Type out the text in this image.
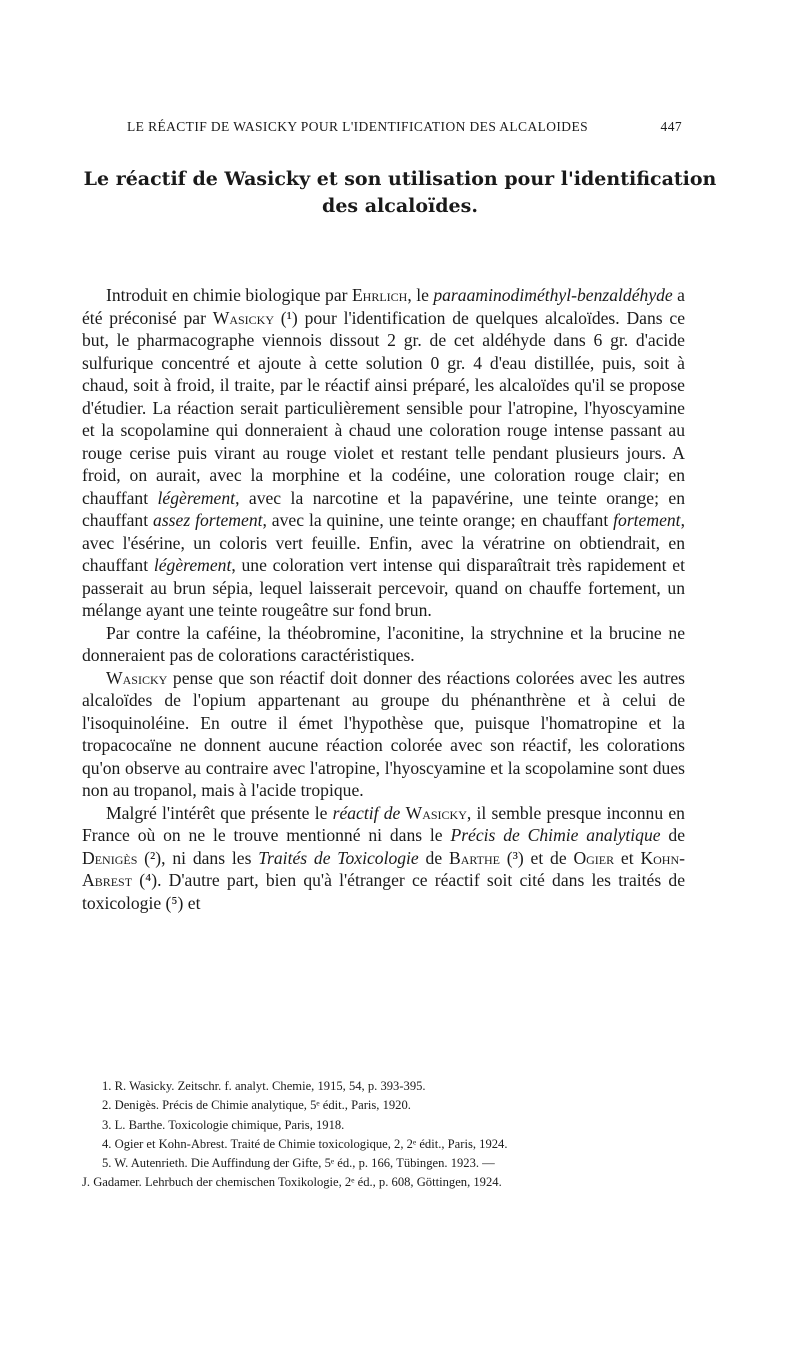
LE RÉACTIF DE WASICKY POUR L'IDENTIFICATION DES ALCALOIDES	447
Le réactif de Wasicky et son utilisation pour l'identification
des alcaloïdes.

Introduit en chimie biologique par Ehrlich, le paraaminodiméthyl-benzaldéhyde a été préconisé par Wasicky (¹) pour l'identification de quelques alcaloïdes. Dans ce but, le pharmacographe viennois dissout 2 gr. de cet aldéhyde dans 6 gr. d'acide sulfurique concentré et ajoute à cette solution 0 gr. 4 d'eau distillée, puis, soit à chaud, soit à froid, il traite, par le réactif ainsi préparé, les alcaloïdes qu'il se propose d'étudier. La réaction serait particulièrement sensible pour l'atropine, l'hyoscyamine et la scopolamine qui donneraient à chaud une coloration rouge intense passant au rouge cerise puis virant au rouge violet et restant telle pendant plusieurs jours. A froid, on aurait, avec la morphine et la codéine, une coloration rouge clair; en chauffant légèrement, avec la narcotine et la papavérine, une teinte orange; en chauffant assez fortement, avec la quinine, une teinte orange; en chauffant fortement, avec l'ésérine, un coloris vert feuille. Enfin, avec la vératrine on obtiendrait, en chauffant légèrement, une coloration vert intense qui disparaîtrait très rapidement et passerait au brun sépia, lequel laisserait percevoir, quand on chauffe fortement, un mélange ayant une teinte rougeâtre sur fond brun.

Par contre la caféine, la théobromine, l'aconitine, la strychnine et la brucine ne donneraient pas de colorations caractéristiques.

Wasicky pense que son réactif doit donner des réactions colorées avec les autres alcaloïdes de l'opium appartenant au groupe du phénanthrène et à celui de l'isoquinoléine. En outre il émet l'hypothèse que, puisque l'homatropine et la tropacocaïne ne donnent aucune réaction colorée avec son réactif, les colorations qu'on observe au contraire avec l'atropine, l'hyoscyamine et la scopolamine sont dues non au tropanol, mais à l'acide tropique.

Malgré l'intérêt que présente le réactif de Wasicky, il semble presque inconnu en France où on ne le trouve mentionné ni dans le Précis de Chimie analytique de Denigès (²), ni dans les Traités de Toxicologie de Barthe (³) et de Ogier et Kohn-Abrest (⁴). D'autre part, bien qu'à l'étranger ce réactif soit cité dans les traités de toxicologie (⁵) et

1. R. Wasicky. Zeitschr. f. analyt. Chemie, 1915, 54, p. 393-395.
2. Denigès. Précis de Chimie analytique, 5ᵉ édit., Paris, 1920.
3. L. Barthe. Toxicologie chimique, Paris, 1918.
4. Ogier et Kohn-Abrest. Traité de Chimie toxicologique, 2, 2ᵉ édit., Paris, 1924.
5. W. Autenrieth. Die Auffindung der Gifte, 5ᵉ éd., p. 166, Tübingen. 1923. —
J. Gadamer. Lehrbuch der chemischen Toxikologie, 2ᵉ éd., p. 608, Göttingen, 1924.
